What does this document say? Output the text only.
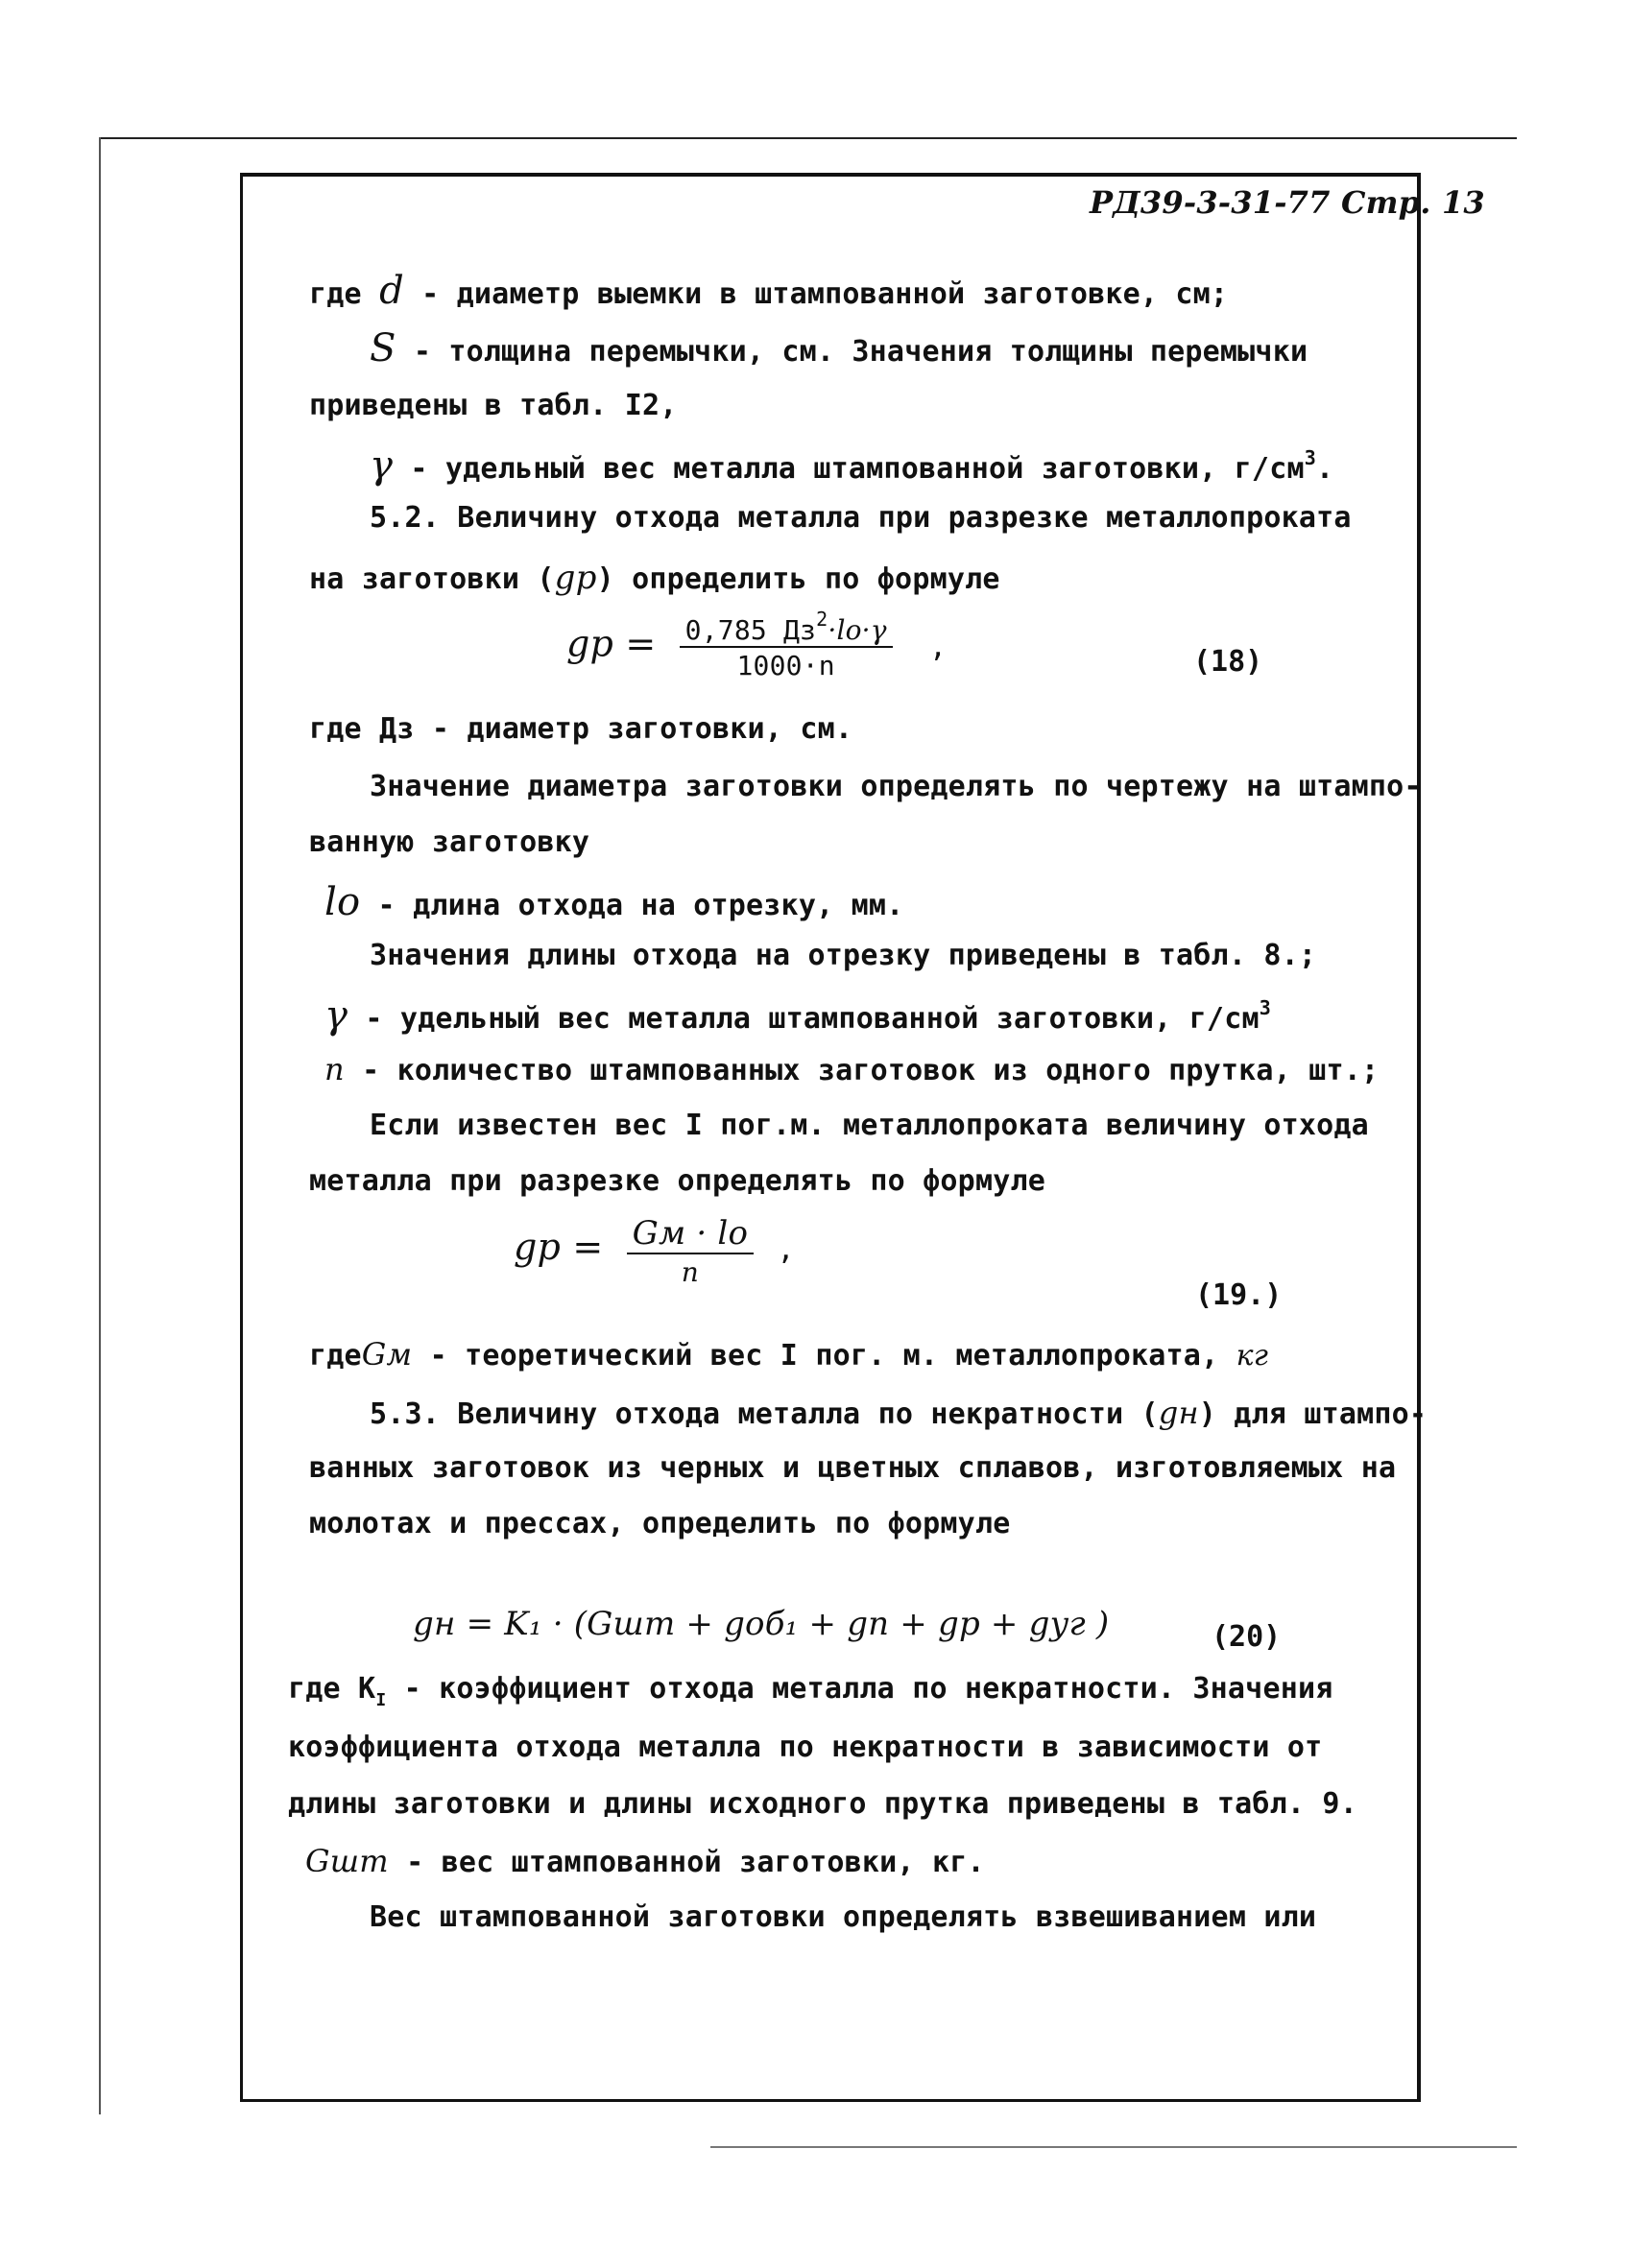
РД39-3-31-77 Стр. 13
где d - диаметр выемки в штампованной заготовке, см;
S - толщина перемычки, см. Значения толщины перемычки
приведены в табл. I2,
γ - удельный вес металла штампованной заготовки, $г/см^3$.
5.2. Величину отхода металла при разрезке металлопроката
на заготовки (gр) определить по формуле
gр = $\frac{0,785 Дз^2\cdot lо\cdot\gamma}{1000\cdot n}$ ,	(18)
где Дз - диаметр заготовки, см.
Значение диаметра заготовки определять по чертежу на штампо-
ванную заготовку
lо - длина отхода на отрезку, мм.
Значения длины отхода на отрезку приведены в табл. 8.;
γ - удельный вес металла штампованной заготовки, $г/см^3$
n - количество штампованных заготовок из одного прутка, шт.;
Если известен вес I пог.м. металлопроката величину отхода
металла при разрезке определять по формуле
gр = $\frac{Gм \cdot lо}{n}$ ,
(19.)
гдеGм - теоретический вес I пог. м. металлопроката, кг
5.3. Величину отхода металла по некратности (gн) для штампо-
ванных заготовок из черных и цветных сплавов, изготовляемых на
молотах и прессах, определить по формуле
gн = K₁ · (Gшт + gоб₁ + gп + gр + gуг )	(20)
где $К_I$ - коэффициент отхода металла по некратности. Значения
коэффициента отхода металла по некратности в зависимости от
длины заготовки и длины исходного прутка приведены в табл. 9.
Gшт - вес штампованной заготовки, кг.
Вес штампованной заготовки определять взвешиванием или
